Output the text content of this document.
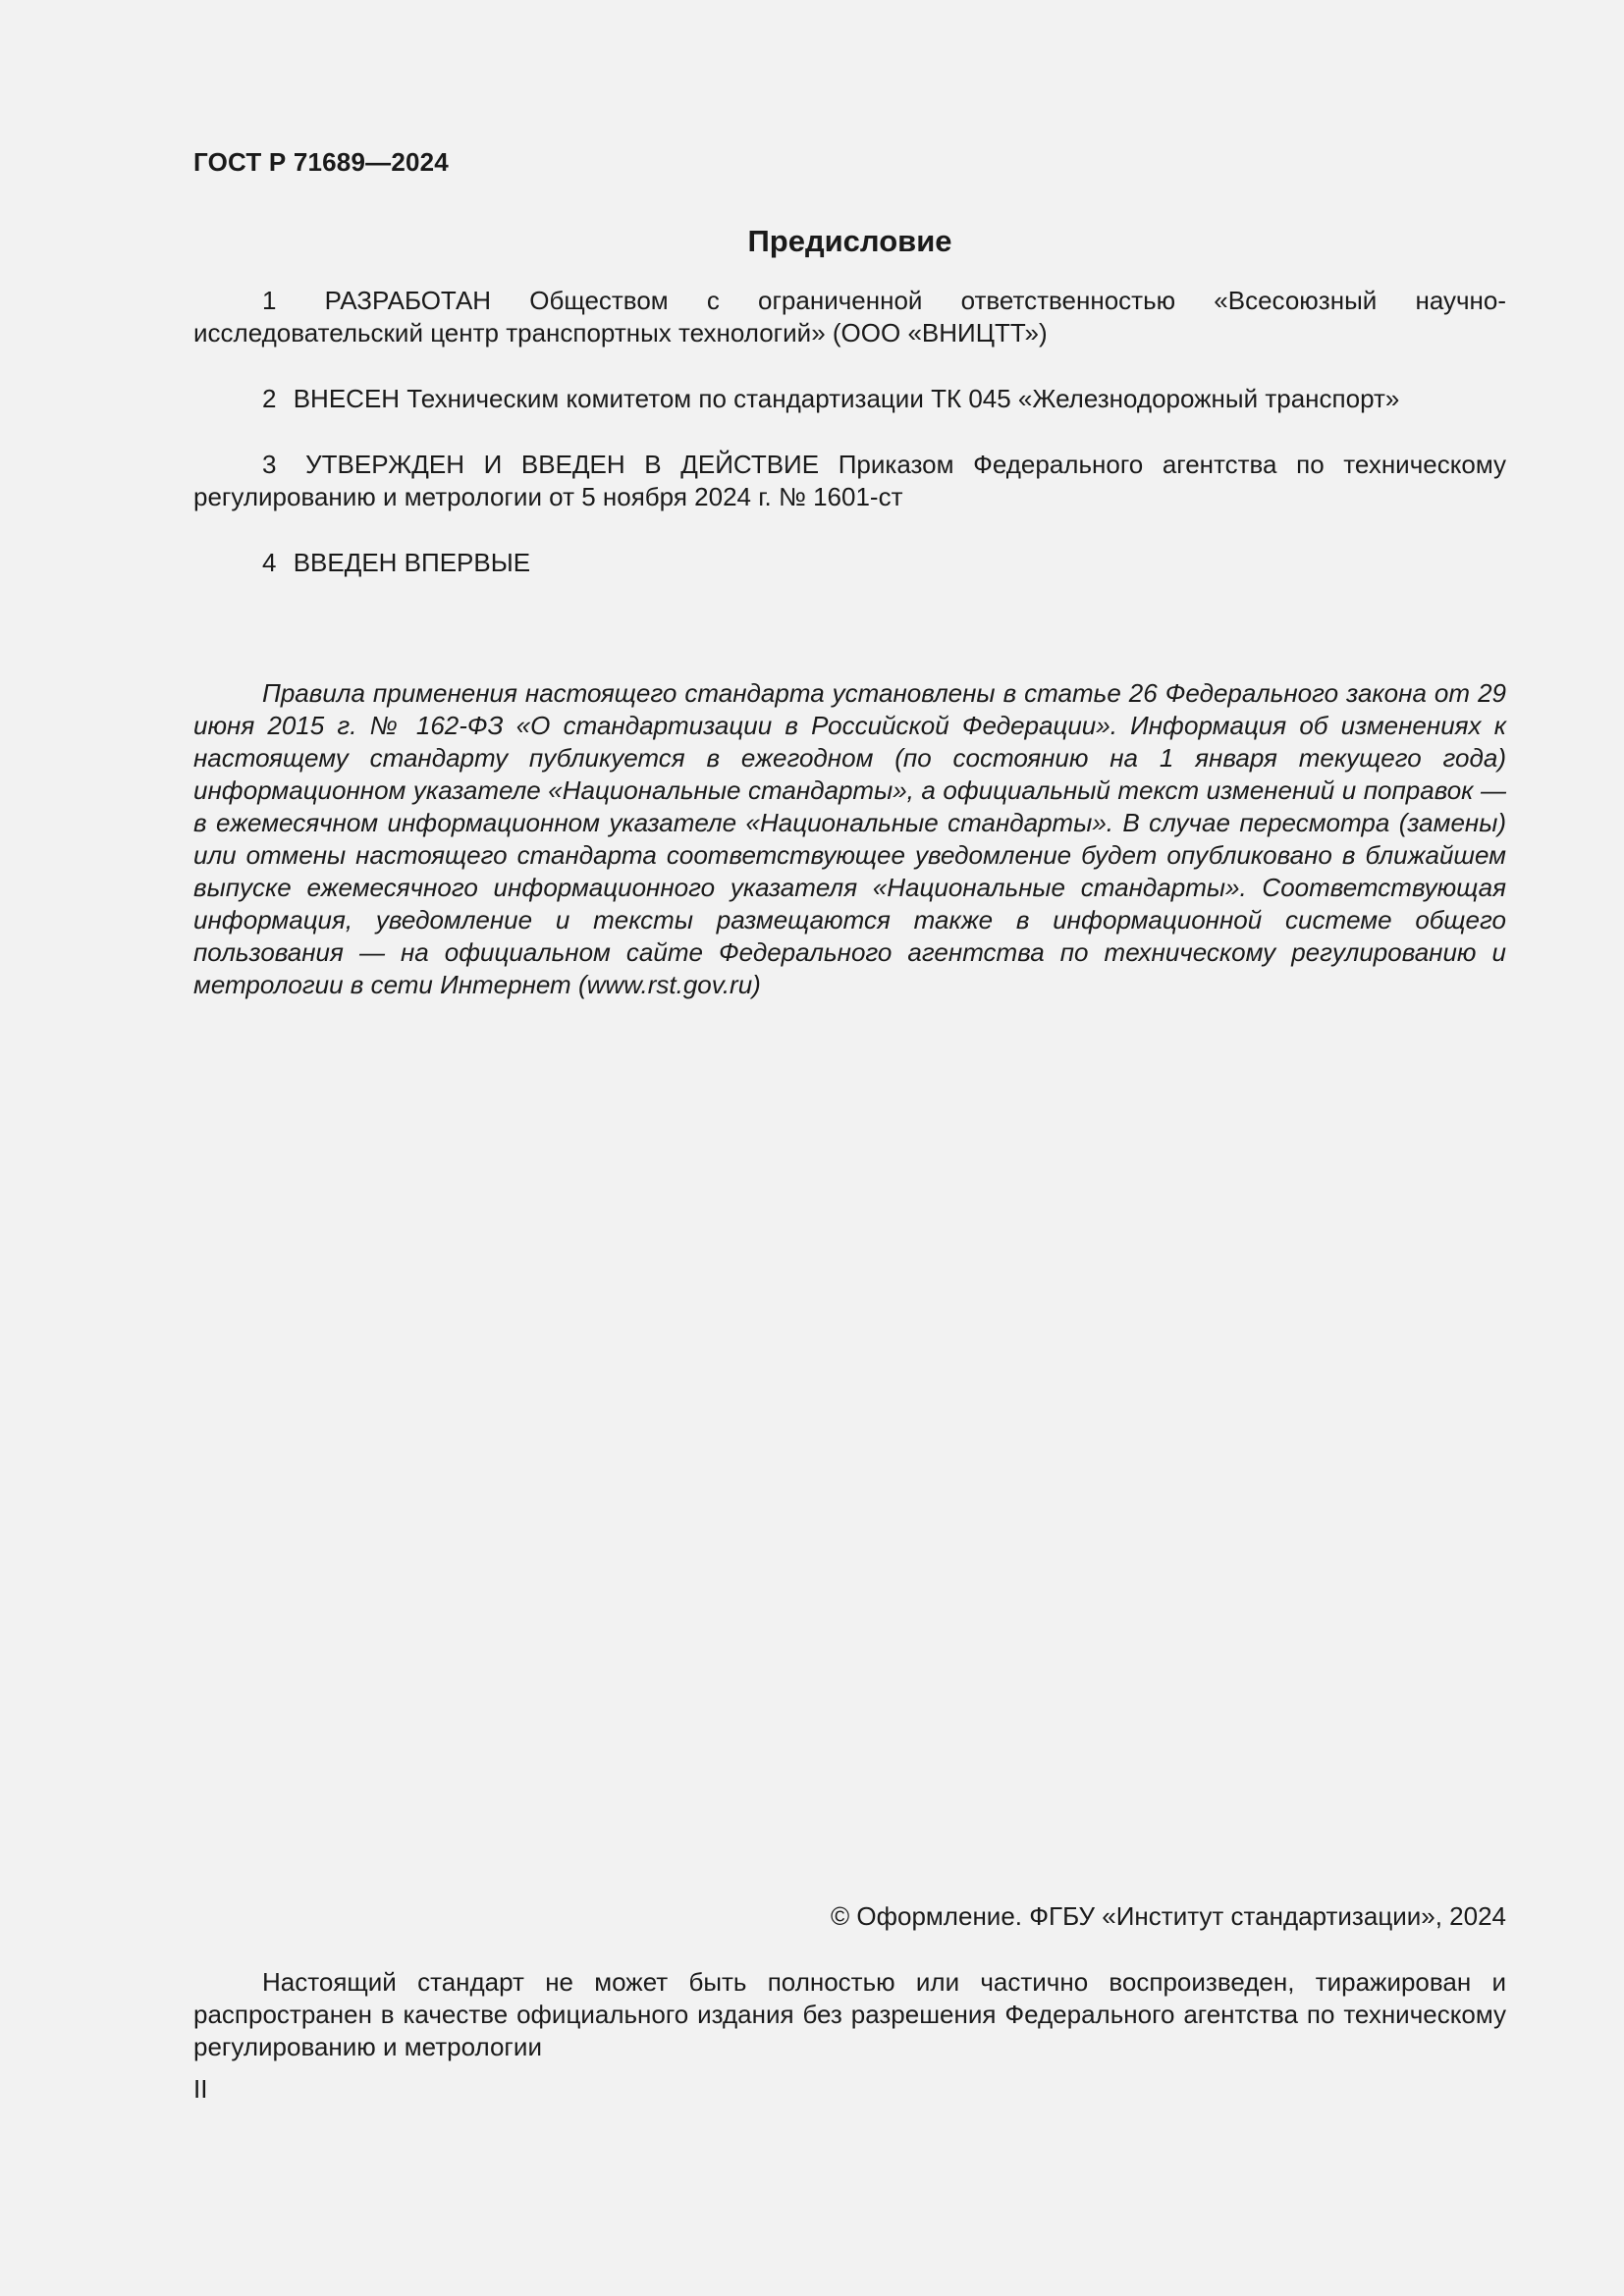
ГОСТ Р 71689—2024
Предисловие

1 РАЗРАБОТАН Обществом с ограниченной ответственностью «Всесоюзный научно-исследовательский центр транспортных технологий» (ООО «ВНИЦТТ»)

2 ВНЕСЕН Техническим комитетом по стандартизации ТК 045 «Железнодорожный транспорт»

3 УТВЕРЖДЕН И ВВЕДЕН В ДЕЙСТВИЕ Приказом Федерального агентства по техническому регулированию и метрологии от 5 ноября 2024 г. № 1601-ст

4 ВВЕДЕН ВПЕРВЫЕ

Правила применения настоящего стандарта установлены в статье 26 Федерального закона от 29 июня 2015 г. № 162-ФЗ «О стандартизации в Российской Федерации». Информация об изменениях к настоящему стандарту публикуется в ежегодном (по состоянию на 1 января текущего года) информационном указателе «Национальные стандарты», а официальный текст изменений и поправок — в ежемесячном информационном указателе «Национальные стандарты». В случае пересмотра (замены) или отмены настоящего стандарта соответствующее уведомление будет опубликовано в ближайшем выпуске ежемесячного информационного указателя «Национальные стандарты». Соответствующая информация, уведомление и тексты размещаются также в информационной системе общего пользования — на официальном сайте Федерального агентства по техническому регулированию и метрологии в сети Интернет (www.rst.gov.ru)

© Оформление. ФГБУ «Институт стандартизации», 2024

Настоящий стандарт не может быть полностью или частично воспроизведен, тиражирован и распространен в качестве официального издания без разрешения Федерального агентства по техническому регулированию и метрологии

II
